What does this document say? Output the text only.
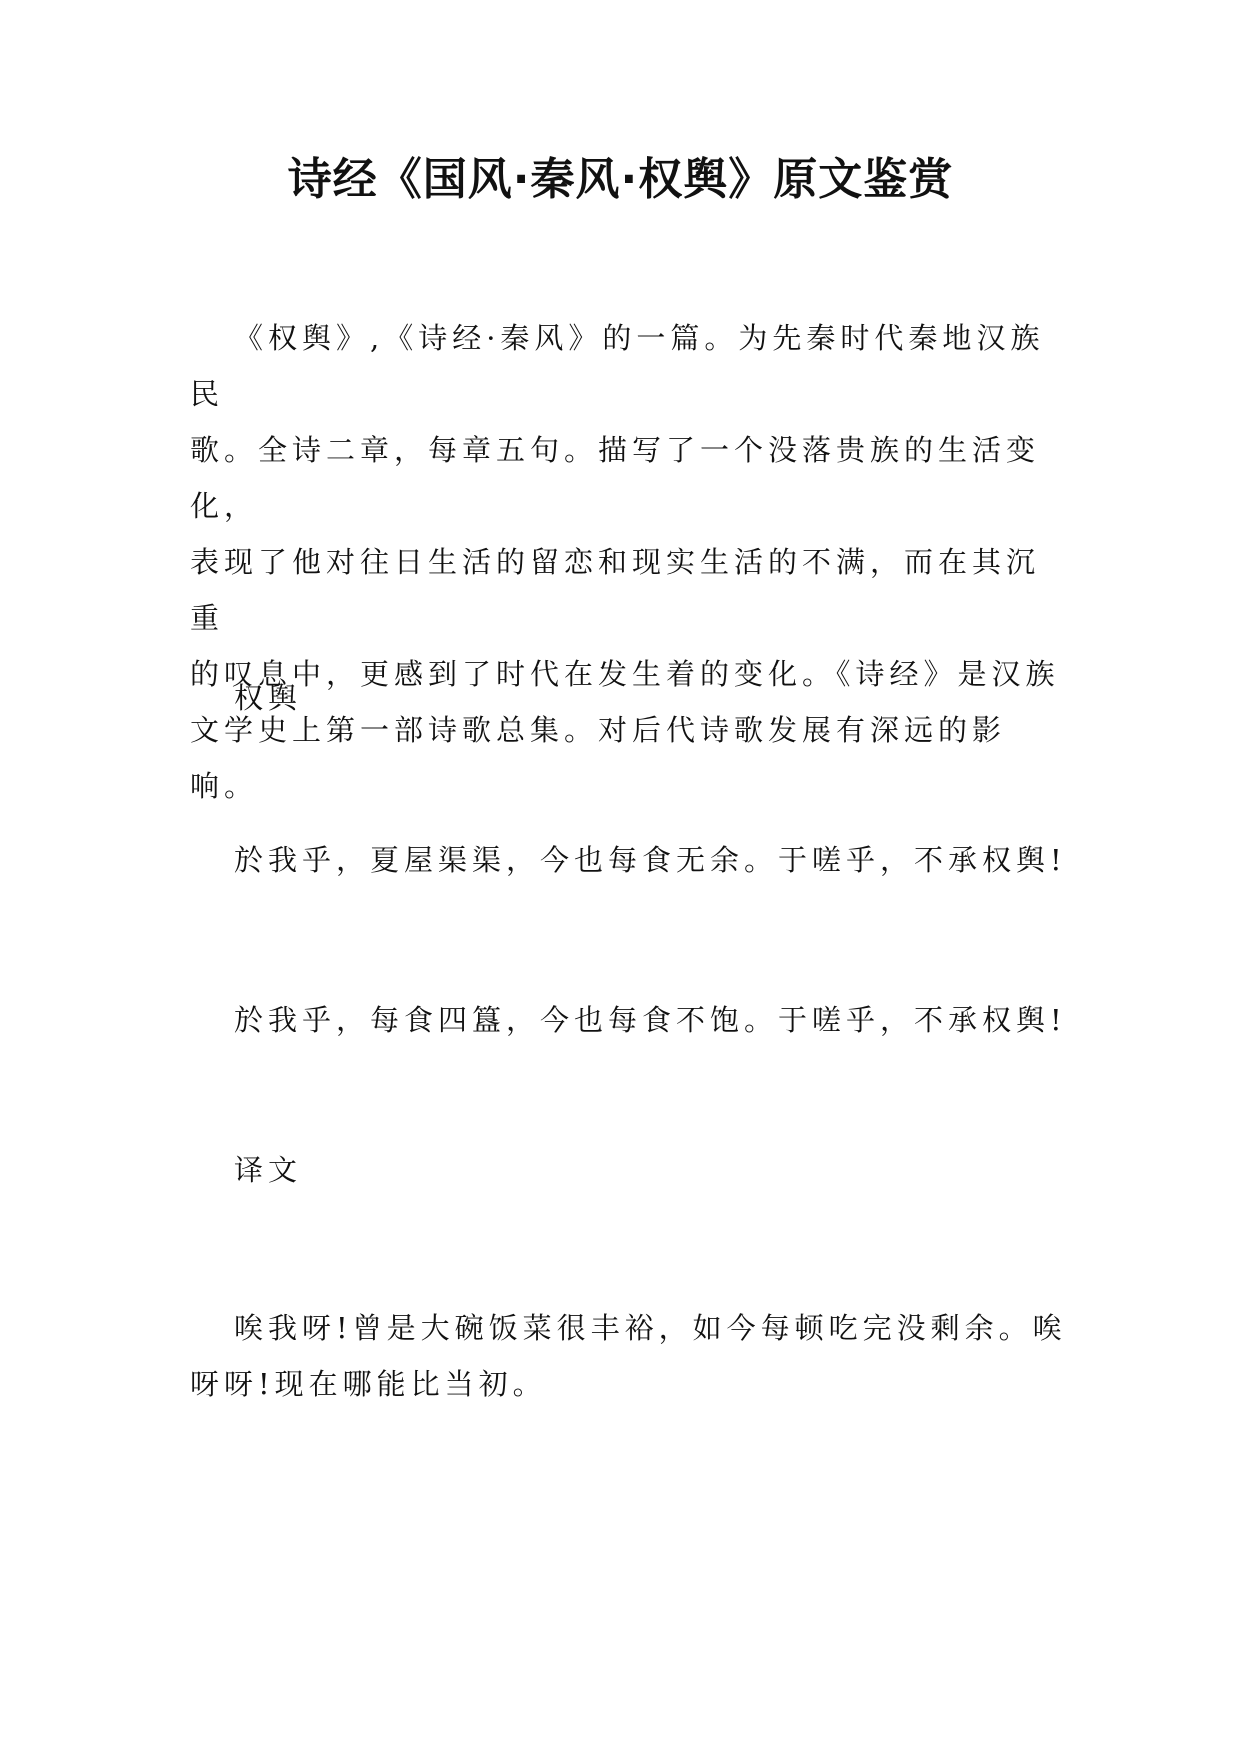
诗经《国风·秦风·权舆》原文鉴赏
《权舆》,《诗经·秦风》的一篇。为先秦时代秦地汉族民
歌。全诗二章，每章五句。描写了一个没落贵族的生活变化，
表现了他对往日生活的留恋和现实生活的不满，而在其沉重
的叹息中，更感到了时代在发生着的变化。《诗经》是汉族
文学史上第一部诗歌总集。对后代诗歌发展有深远的影响。

权舆

於我乎，夏屋渠渠，今也每食无余。于嗟乎，不承权舆!

於我乎，每食四簋，今也每食不饱。于嗟乎，不承权舆!

译文

唉我呀!曾是大碗饭菜很丰裕，如今每顿吃完没剩余。唉
呀呀!现在哪能比当初。
